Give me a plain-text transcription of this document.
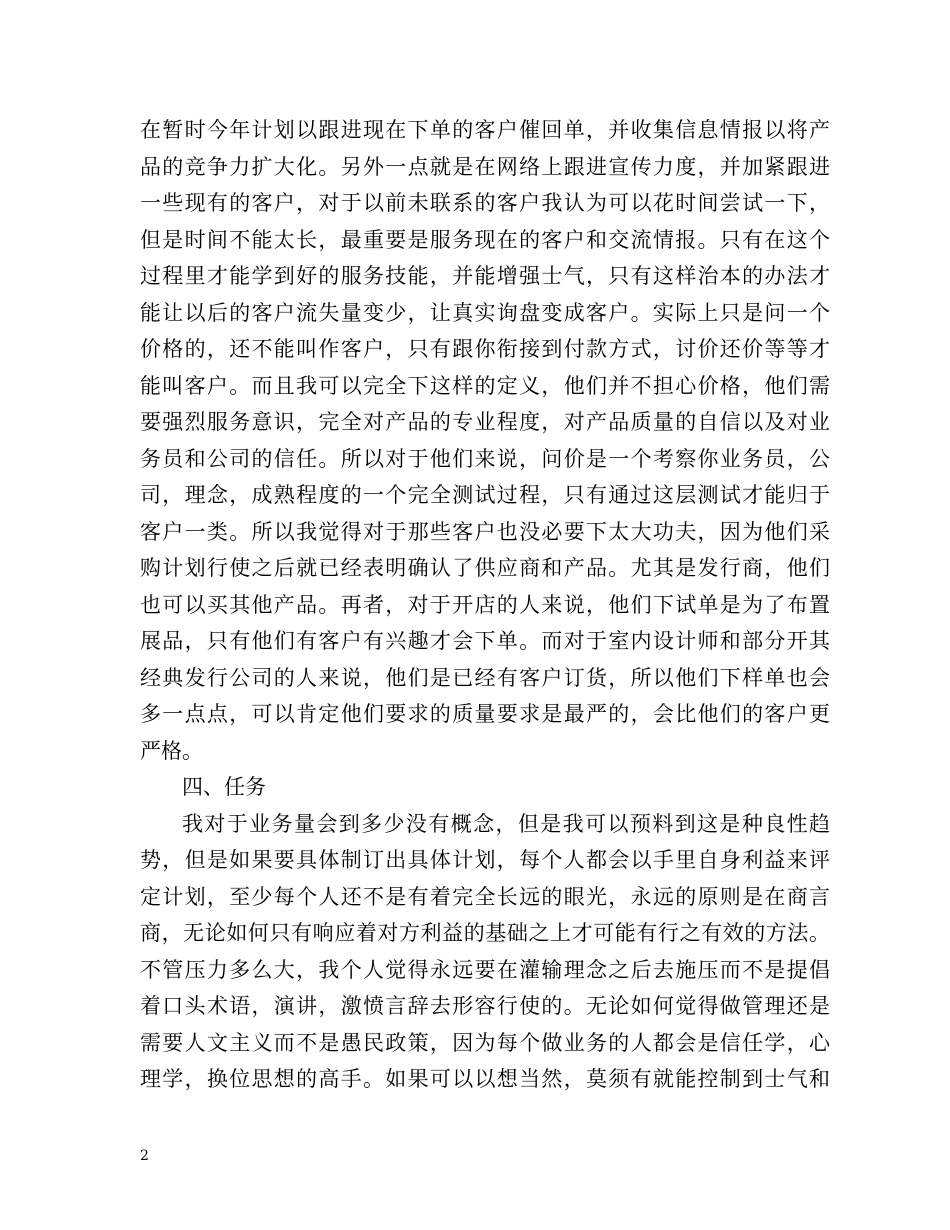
在暂时今年计划以跟进现在下单的客户催回单，并收集信息情报以将产
品的竞争力扩大化。另外一点就是在网络上跟进宣传力度，并加紧跟进
一些现有的客户，对于以前未联系的客户我认为可以花时间尝试一下，
但是时间不能太长，最重要是服务现在的客户和交流情报。只有在这个
过程里才能学到好的服务技能，并能增强士气，只有这样治本的办法才
能让以后的客户流失量变少，让真实询盘变成客户。实际上只是问一个
价格的，还不能叫作客户，只有跟你衔接到付款方式，讨价还价等等才
能叫客户。而且我可以完全下这样的定义，他们并不担心价格，他们需
要强烈服务意识，完全对产品的专业程度，对产品质量的自信以及对业
务员和公司的信任。所以对于他们来说，问价是一个考察你业务员，公
司，理念，成熟程度的一个完全测试过程，只有通过这层测试才能归于
客户一类。所以我觉得对于那些客户也没必要下太大功夫，因为他们采
购计划行使之后就已经表明确认了供应商和产品。尤其是发行商，他们
也可以买其他产品。再者，对于开店的人来说，他们下试单是为了布置
展品，只有他们有客户有兴趣才会下单。而对于室内设计师和部分开其
经典发行公司的人来说，他们是已经有客户订货，所以他们下样单也会
多一点点，可以肯定他们要求的质量要求是最严的，会比他们的客户更
严格。
四、任务
我对于业务量会到多少没有概念，但是我可以预料到这是种良性趋
势，但是如果要具体制订出具体计划，每个人都会以手里自身利益来评
定计划，至少每个人还不是有着完全长远的眼光，永远的原则是在商言
商，无论如何只有响应着对方利益的基础之上才可能有行之有效的方法。
不管压力多么大，我个人觉得永远要在灌输理念之后去施压而不是提倡
着口头术语，演讲，激愤言辞去形容行使的。无论如何觉得做管理还是
需要人文主义而不是愚民政策，因为每个做业务的人都会是信任学，心
理学，换位思想的高手。如果可以以想当然，莫须有就能控制到士气和
2
